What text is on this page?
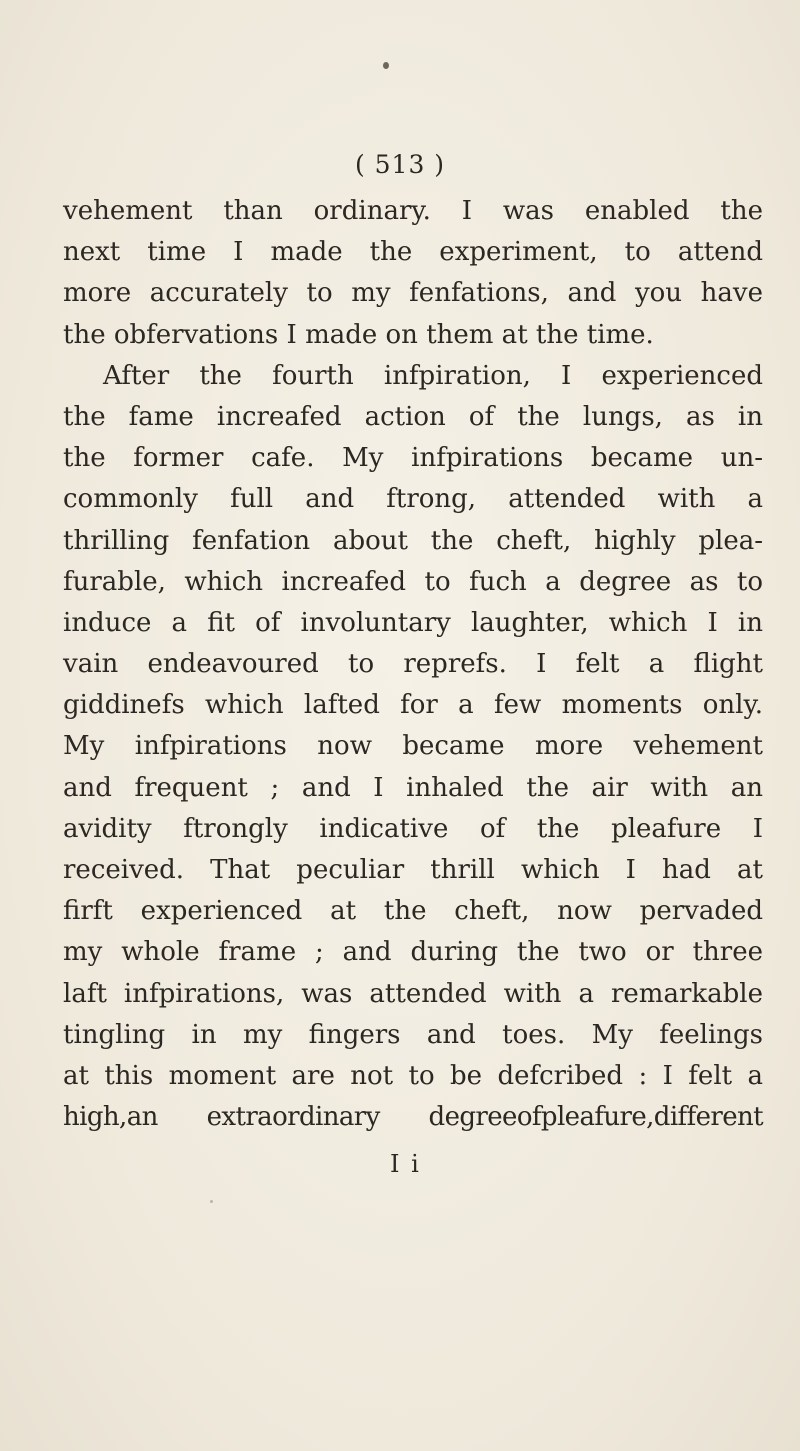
( 513 )
vehement than ordinary. I was enabled the
next time I made the experiment, to attend
more accurately to my fenfations, and you have
the obfervations I made on them at the time.
After the fourth infpiration, I experienced
the fame increafed action of the lungs, as in
the former cafe. My infpirations became un-
commonly full and ftrong, attended with a
thrilling fenfation about the cheft, highly plea-
furable, which increafed to fuch a degree as to
induce a fit of involuntary laughter, which I in
vain endeavoured to reprefs. I felt a flight
giddinefs which lafted for a few moments only.
My infpirations now became more vehement
and frequent ; and I inhaled the air with an
avidity ftrongly indicative of the pleafure I
received. That peculiar thrill which I had at
firft experienced at the cheft, now pervaded
my whole frame ; and during the two or three
laft infpirations, was attended with a remarkable
tingling in my fingers and toes. My feelings
at this moment are not to be defcribed : I felt a
high,an extraordinary degreeofpleafure,different
I i
